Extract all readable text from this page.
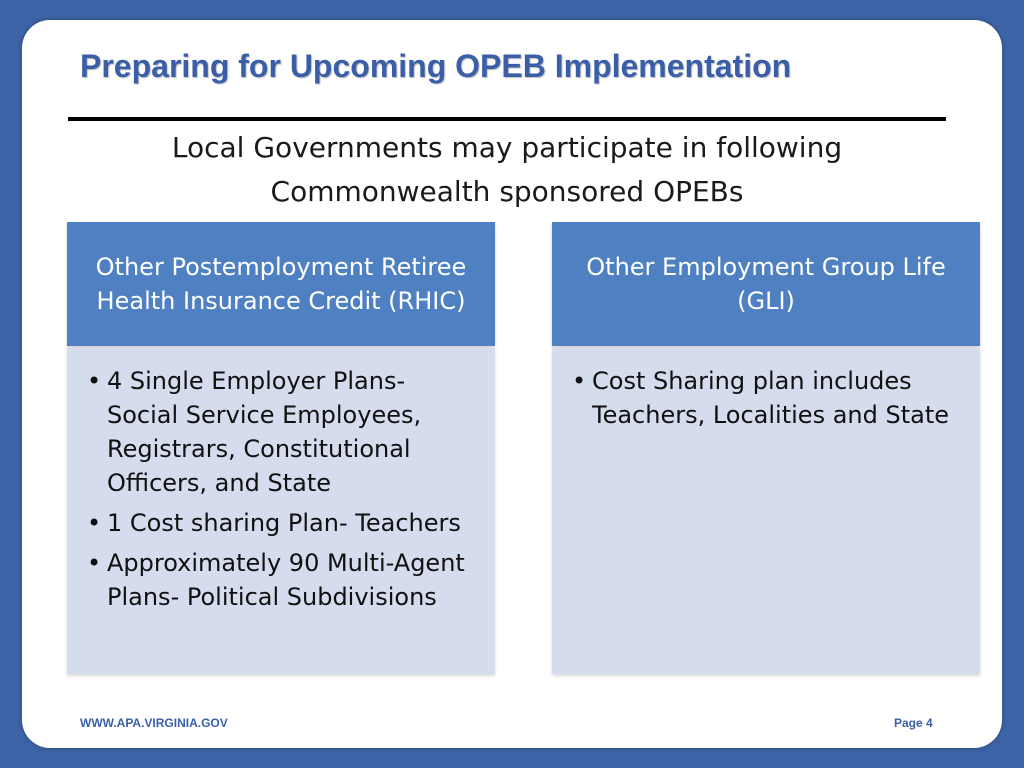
Preparing for Upcoming OPEB Implementation
Local Governments may participate in following
Commonwealth sponsored OPEBs
Other Postemployment Retiree Health Insurance Credit (RHIC)
• 4 Single Employer Plans- Social Service Employees, Registrars, Constitutional Officers, and State
• 1 Cost sharing Plan- Teachers
• Approximately 90 Multi-Agent Plans- Political Subdivisions
Other Employment Group Life (GLI)
• Cost Sharing plan includes Teachers, Localities and State
WWW.APA.VIRGINIA.GOV	Page 4
